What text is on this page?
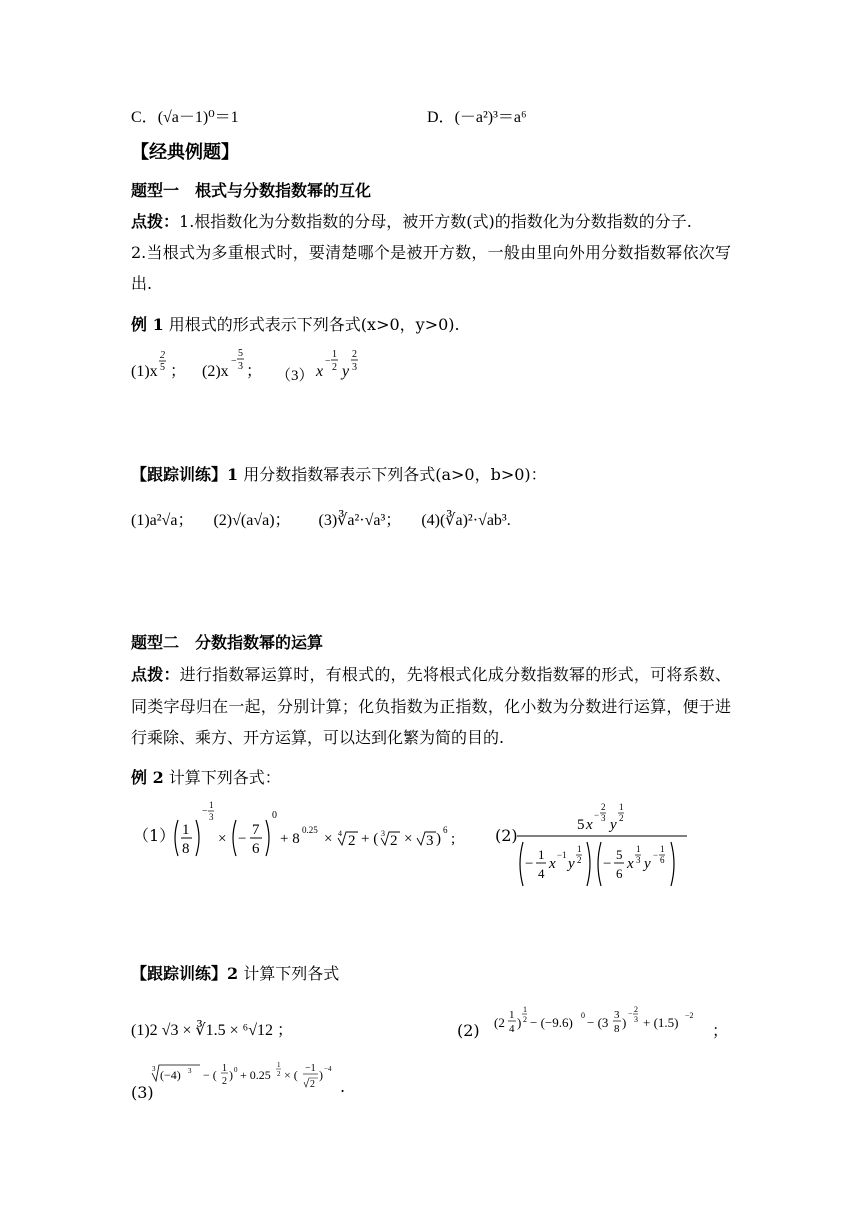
C．(√a－1)⁰＝1	D．(－a²)³＝a⁶
【经典例题】
题型一　根式与分数指数幂的互化
点拨：1.根指数化为分数指数的分母，被开方数(式)的指数化为分数指数的分子.
2.当根式为多重根式时，要清楚哪个是被开方数，一般由里向外用分数指数幂依次写出.
例 1 用根式的形式表示下列各式(x>0，y>0).
(1)x
2
5 ； (2)x
−
5
3 ； （3） x
−
1
2 y
2
3
【跟踪训练】1 用分数指数幂表示下列各式(a>0，b>0)：
(1)a²√a； (2)√(a√a)； (3)∛a²·√a³； (4)(∛a)²·√ab³.
题型二　分数指数幂的运算
点拨：进行指数幂运算时，有根式的，先将根式化成分数指数幂的形式，可将系数、同类字母归在一起，分别计算；化负指数为正指数，化小数为分数进行运算，便于进行乘除、乘方、开方运算，可以达到化繁为简的目的.
例 2 计算下列各式：
（1） 1
8
−
1
3
× −
7
6
0
+ 8
0.25
× 4 2 + ( 3 2 × 3 )
6
; (2)
5 x
−
2
3 y
1
2
−
1
4
x
−1
y
1
2 −
5
6
x
1
3 y
−
1
6
【跟踪训练】2 计算下列各式
(1)2 √3 × ∛1.5 × ⁶√12 ；	(2) (2 1
4 )
1
2 − (−9.6) 0 − (3 3
8 )
− 2
3 + (1.5) −2
；
(3)
3 (−4) 3 − ( 1
2 ) 0 + 0.25
1
2 × ( −1
2
) −4
.
